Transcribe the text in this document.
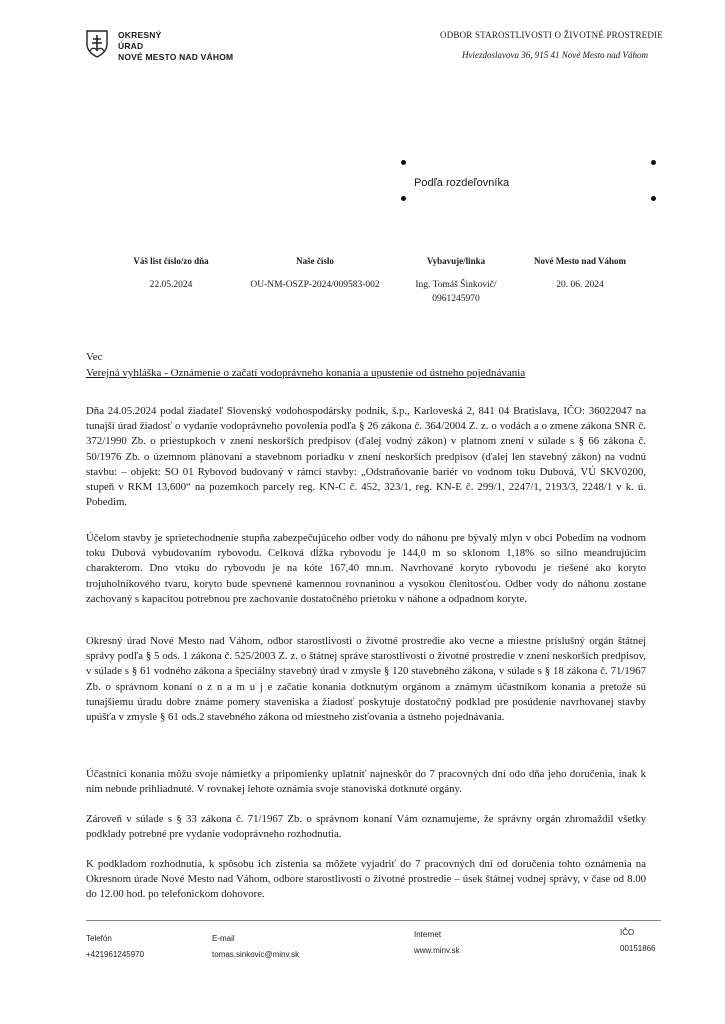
OKRESNÝ
ÚRAD
NOVÉ MESTO NAD VÁHOM
ODBOR STAROSTLIVOSTI O ŽIVOTNÉ PROSTREDIE
Hviezdoslavova 36, 915 41 Nové Mesto nad Váhom
Podľa rozdeľovníka
Váš list číslo/zo dňa
22.05.2024
Naše číslo
OU-NM-OSZP-2024/009583-002
Vybavuje/linka
Ing. Tomáš Šinkovič/ 0961245970
Nové Mesto nad Váhom
20. 06. 2024
Vec
Verejná vyhláška - Oznámenie o začatí vodoprávneho konania a upustenie od ústneho pojednávania
Dňa 24.05.2024 podal žiadateľ Slovenský vodohospodársky podnik, š.p., Karloveská 2, 841 04 Bratislava, IČO: 36022047 na tunajší úrad žiadosť o vydanie vodoprávneho povolenia podľa § 26 zákona č. 364/2004 Z. z. o vodách a o zmene zákona SNR č. 372/1990 Zb. o priestupkoch v znení neskorších predpisov (ďalej vodný zákon) v platnom znení v súlade s § 66 zákona č. 50/1976 Zb. o územnom plánovaní a stavebnom poriadku v znení neskorších predpisov (ďalej len stavebný zákon) na vodnú stavbu: – objekt: SO 01 Rybovod budovaný v rámci stavby: „Odstraňovanie bariér vo vodnom toku Dubová, VÚ SKV0200, stupeň v RKM 13,600“ na pozemkoch parcely reg. KN-C č. 452, 323/1, reg. KN-E č. 299/1, 2247/1, 2193/3, 2248/1 v k. ú. Pobedim.
Účelom stavby je sprietechodnenie stupňa zabezpečujúceho odber vody do náhonu pre bývalý mlyn v obci Pobedim na vodnom toku Dubová vybudovaním rybovodu. Celková dĺžka rybovodu je 144,0 m so sklonom 1,18% so silno meandrujúcim charakterom. Dno vtoku do rybovodu je na kóte 167,40 mn.m. Navrhované koryto rybovodu je riešené ako koryto trojuholníkového tvaru, koryto bude spevnené kamennou rovnaninou a vysokou členitosťou. Odber vody do náhonu zostane zachovaný s kapacitou potrebnou pre zachovanie dostatočného prietoku v náhone a odpadnom koryte.
Okresný úrad Nové Mesto nad Váhom, odbor starostlivosti o životné prostredie ako vecne a miestne príslušný orgán štátnej správy podľa § 5 ods. 1 zákona č. 525/2003 Z. z. o štátnej správe starostlivosti o životné prostredie v znení neskorších predpisov, v súlade s § 61 vodného zákona a špeciálny stavebný úrad v zmysle § 120 stavebného zákona, v súlade s § 18 zákona č. 71/1967 Zb. o správnom konaní o z n a m u j e začatie konania dotknutým orgánom a známym účastníkom konania a pretože sú tunajšiemu úradu dobre známe pomery staveniska a žiadosť poskytuje dostatočný podklad pre posúdenie navrhovanej stavby upúšťa v zmysle § 61 ods.2 stavebného zákona od miestneho zisťovania a ústneho pojednávania.
Účastníci konania môžu svoje námietky a pripomienky uplatniť najneskôr do 7 pracovných dní odo dňa jeho doručenia, inak k nim nebude prihliadnuté. V rovnakej lehote oznámia svoje stanoviská dotknuté orgány.
Zároveň v súlade s § 33 zákona č. 71/1967 Zb. o správnom konaní Vám oznamujeme, že správny orgán zhromaždil všetky podklady potrebné pre vydanie vodoprávneho rozhodnutia.
K podkladom rozhodnutia, k spôsobu ich zistenia sa môžete vyjadriť do 7 pracovných dní od doručenia tohto oznámenia na Okresnom úrade Nové Mesto nad Váhom, odbore starostlivosti o životné prostredie – úsek štátnej vodnej správy, v čase od 8.00 do 12.00 hod. po telefonickom dohovore.
Telefón
+421961245970
E-mail
tomas.sinkovic@minv.sk
Internet
www.minv.sk
IČO
00151866
